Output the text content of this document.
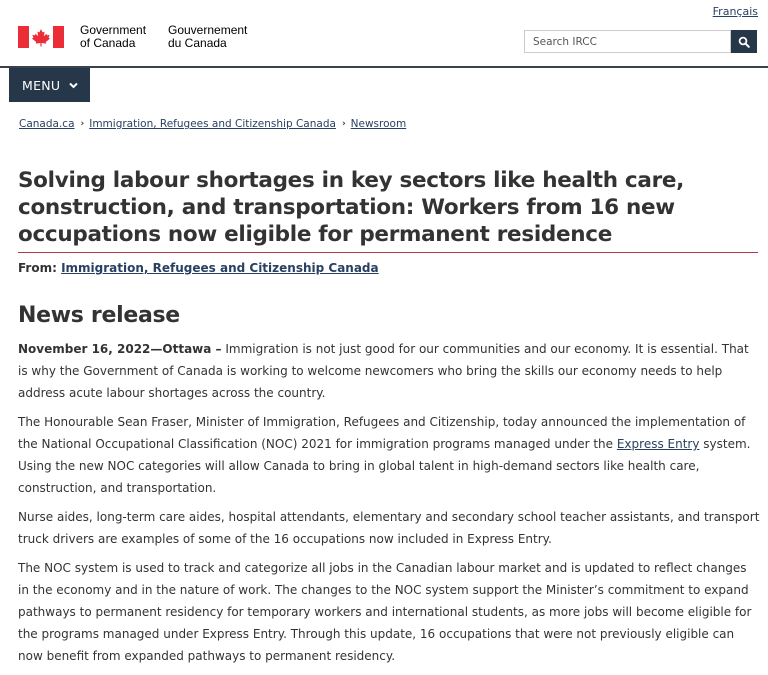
Français
Government
of Canada
Gouvernement
du Canada	Search IRCC
MENU
Canada.ca › Immigration, Refugees and Citizenship Canada › Newsroom
Solving labour shortages in key sectors like health care, construction, and transportation: Workers from 16 new occupations now eligible for permanent residence
From: Immigration, Refugees and Citizenship Canada
News release

November 16, 2022—Ottawa – Immigration is not just good for our communities and our economy. It is essential. That is why the Government of Canada is working to welcome newcomers who bring the skills our economy needs to help address acute labour shortages across the country.

The Honourable Sean Fraser, Minister of Immigration, Refugees and Citizenship, today announced the implementation of the National Occupational Classification (NOC) 2021 for immigration programs managed under the Express Entry system. Using the new NOC categories will allow Canada to bring in global talent in high-demand sectors like health care, construction, and transportation.

Nurse aides, long-term care aides, hospital attendants, elementary and secondary school teacher assistants, and transport truck drivers are examples of some of the 16 occupations now included in Express Entry.

The NOC system is used to track and categorize all jobs in the Canadian labour market and is updated to reflect changes in the economy and in the nature of work. The changes to the NOC system support the Minister’s commitment to expand pathways to permanent residency for temporary workers and international students, as more jobs will become eligible for the programs managed under Express Entry. Through this update, 16 occupations that were not previously eligible can now benefit from expanded pathways to permanent residency.
